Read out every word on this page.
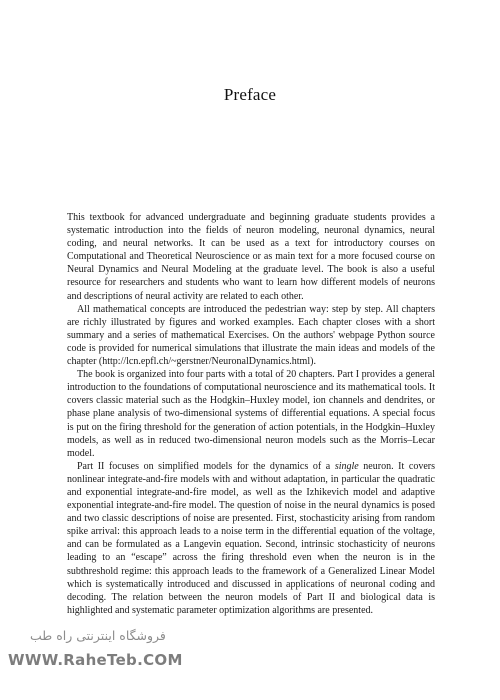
Preface

This textbook for advanced undergraduate and beginning graduate students provides a systematic introduction into the fields of neuron modeling, neuronal dynamics, neural coding, and neural networks. It can be used as a text for introductory courses on Computational and Theoretical Neuroscience or as main text for a more focused course on Neural Dynamics and Neural Modeling at the graduate level. The book is also a useful resource for researchers and students who want to learn how different models of neurons and descriptions of neural activity are related to each other.

All mathematical concepts are introduced the pedestrian way: step by step. All chapters are richly illustrated by figures and worked examples. Each chapter closes with a short summary and a series of mathematical Exercises. On the authors' webpage Python source code is provided for numerical simulations that illustrate the main ideas and models of the chapter (http://lcn.epfl.ch/~gerstner/NeuronalDynamics.html).

The book is organized into four parts with a total of 20 chapters. Part I provides a general introduction to the foundations of computational neuroscience and its mathematical tools. It covers classic material such as the Hodgkin–Huxley model, ion channels and dendrites, or phase plane analysis of two-dimensional systems of differential equations. A special focus is put on the firing threshold for the generation of action potentials, in the Hodgkin–Huxley models, as well as in reduced two-dimensional neuron models such as the Morris–Lecar model.

Part II focuses on simplified models for the dynamics of a single neuron. It covers nonlinear integrate-and-fire models with and without adaptation, in particular the quadratic and exponential integrate-and-fire model, as well as the Izhikevich model and adaptive exponential integrate-and-fire model. The question of noise in the neural dynamics is posed and two classic descriptions of noise are presented. First, stochasticity arising from random spike arrival: this approach leads to a noise term in the differential equation of the voltage, and can be formulated as a Langevin equation. Second, intrinsic stochasticity of neurons leading to an “escape” across the firing threshold even when the neuron is in the subthreshold regime: this approach leads to the framework of a Generalized Linear Model which is systematically introduced and discussed in applications of neuronal coding and decoding. The relation between the neuron models of Part II and biological data is highlighted and systematic parameter optimization algorithms are presented.

فروشگاه اینترنتی راه طب
WWW.RaheTeb.COM
